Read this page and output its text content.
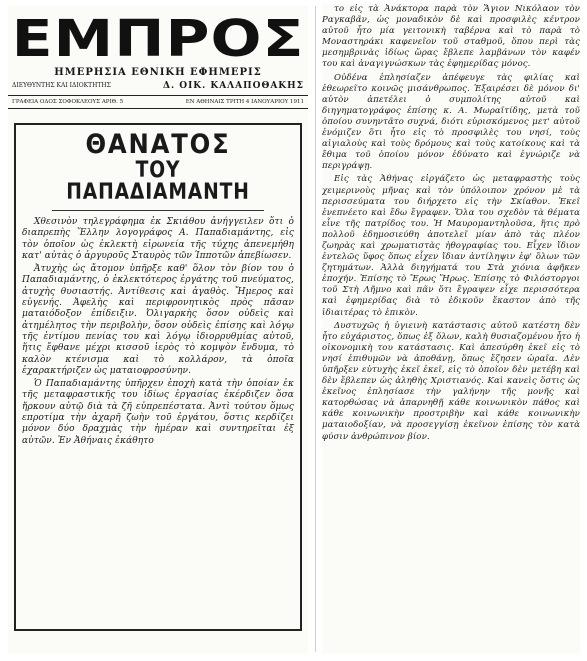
ΕΜΠΡΟΣ
ΗΜΕΡΗΣΙΑ ΕΘΝΙΚΗ ΕΦΗΜΕΡΙΣ
ΔΙΕΥΘΥΝΤΗΣ ΚΑΙ ΙΔΙΟΚΤΗΤΗΣ	Δ. ΟΙΚ. ΚΑΛΑΠΟΘΑΚΗΣ
ΓΡΑΦΕΙΑ ΟΔΟΣ ΣΟΦΟΚΛΕΟΥΣ ΑΡΙΘ. 5	ΕΝ ΑΘΗΝΑΙΣ ΤΡΙΤΗ 4 ΙΑΝΟΥΑΡΙΟΥ 1911
ΘΑΝΑΤΟΣ
ΤΟΥ ΠΑΠΑΔΙΑΜΑΝΤΗ

Χθεσινὸν τηλεγράφημα ἐκ Σκιάθου ἀνήγγειλεν ὅτι ὁ διαπρεπὴς Ἕλλην λογογράφος Α. Παπαδιαμάντης, εἰς τὸν ὁποῖον ὡς ἐκλεκτὴ εἰρωνεία τῆς τύχης ἀπενεμήθη κατ' αὐτὰς ὁ ἀργυροῦς Σταυρὸς τῶν Ἱπποτῶν ἀπεβίωσεν.

Ἀτυχὴς ὡς ἄτομον ὑπῆρξε καθ' ὅλον τὸν βίον του ὁ Παπαδιαμάντης, ὁ ἐκλεκτότερος ἐργάτης τοῦ πνεύματος, ἀτυχὴς θυσιαστής. Ἀντίθεσις καὶ ἀγαθὸς. Ἤμερος καὶ εὐγενής. Ἀφελὴς καὶ περιφρονητικὸς πρὸς πᾶσαν ματαιόδοξον ἐπίδειξιν. Ὀλιγαρκὴς ὅσον οὐδεὶς καὶ ἀτημέλητος τὴν περιβολὴν, ὅσον οὐδεὶς ἐπίσης καὶ λόγῳ τῆς ἐντίμου πενίας του καὶ λόγῳ ἰδιορρυθμίας αὐτοῦ, ἥτις ἔφθανε μέχρι κισσοῦ ἱερὸς τὸ κομψὸν ἔνδυμα, τὸ καλὸν κτένισμα καὶ τὸ κολλάρον, τὰ ὁποῖα ἐχαρακτήριζεν ὡς ματαιοφροσύνην.

Ὁ Παπαδιαμάντης ὑπῆρχεν ἐποχὴ κατὰ τὴν ὁποίαν ἐκ τῆς μεταφραστικῆς του ἰδίως ἐργασίας ἐκέρδιζεν ὅσα ἤρκουν αὐτῷ διὰ τὰ ζῆ εὐπρεπέστατα. Ἀντὶ τούτου ὅμως επροτίμα τὴν ἀχαρῆ ζωὴν τοῦ ἐργάτου, ὅστις κερδίζει μόνον δύο δραχμὰς τὴν ἡμέραν καὶ συντηρεῖται ἐξ αὐτῶν. Ἐν Ἀθήναις ἐκάθητο

το εἰς τὰ Ἀνάκτορα παρὰ τὸν Ἅγιον Νικόλαον τὸν Ραγκαβᾶν, ὡς μοναδικὸν δὲ καὶ προσφιλὲς κέντρον αὐτοῦ ἦτο μία γειτονικὴ ταβέρνα καὶ τὸ παρὰ τὸ Μοναστηράκι καφενεῖον τοῦ σταθμοῦ, ὅπου περὶ τὰς μεσημβρινὰς ἰδίως ὥρας ἔβλεπε λαμβάνων τὸν καφέν του καὶ ἀναγιγνώσκων τὰς ἐφημερίδας μόνος.

Οὐδένα ἐπλησίαζεν ἀπέφευγε τὰς φιλίας καὶ ἐθεωρεῖτο κοινῶς μισάνθρωπος. Ἐξαιρέσει δὲ μόνον δι' αὐτὸν ἀπετέλει ὁ συμπολίτης αὐτοῦ καὶ διηγηματογράφος ἐπίσης κ. Α. Μωραϊτίδης, μετὰ τοῦ ὁποίου συνηντᾶτο συχνά, διότι εὑρισκόμενος μετ' αὐτοῦ ἐνόμιζεν ὅτι ἦτο εἰς τὸ προσφιλὲς του νησί, τοὺς αἰγιαλοὺς καὶ τοὺς δρόμους καὶ τοὺς κατοίκους καὶ τὰ ἔθιμα τοῦ ὁποίου μόνον ἐδύνατο καὶ ἐγνώριζε νὰ περιγράψῃ.

Εἰς τὰς Ἀθήνας εἰργάζετο ὡς μεταφραστὴς τοὺς χειμερινοὺς μῆνας καὶ τὸν ὑπόλοιπον χρόνον μὲ τὰ περισσεύματα του διήρχετο εἰς τὴν Σκίαθον. Ἐκεῖ ἐνεπνέετο καὶ ἔδω ἔγραφεν. Ὅλα του σχεδὸν τὰ θέματα εἶνε τῆς πατρίδος του. Ἡ Μαυρομαντηλοῦσα, ἥτις πρὸ πολλοῦ ἐδημοσιεύθη ἀποτελεῖ μίαν ἀπὸ τὰς πλέον ζωηρὰς καὶ χρωματιστὰς ἠθογραφίας του. Εἶχεν ἴδιον ἐντελῶς ὕφος ὅπως εἶχεν ἴδιαν ἀντίληψιν ἐφ' ὅλων τῶν ζητημάτων. Ἀλλὰ διηγήματά του Στὰ χιόνια ἀφῆκεν ἐποχήν. Ἐπίσης τὸ Ἔρως Ἥρως. Ἐπίσης τὸ Φιλόστοργοι τοῦ Στὴ Λῆμνο καὶ πᾶν ὅτι ἔγραψεν εἶχε περισσότερα καὶ ἐφημερίδας διὰ τὸ ἐδικοῦν ἕκαστον ἀπὸ τῆς ἰδιαιτέρας τὸ ἐπικὸν.

Δυστυχῶς ἡ ὑγιεινὴ κατάστασις αὐτοῦ κατέστη δὲν ἦτο εὐχάριστος, ὅπως ἐξ ὅλων, καλὴ θυσιαζομένου ἦτο ἡ οἰκονομικὴ του κατάστασις. Καὶ ἀπεσύρθη ἐκεῖ εἰς τὸ νησί ἐπιθυμῶν νὰ ἀποθάνῃ, ὅπως ἔζησεν ὡραῖα. Δὲν ὑπῆρξεν εὐτυχὴς ἐκεῖ ἐκεῖ, εἰς τὸ ὁποῖον δὲν μετέβη καὶ δὲν ἔβλεπεν ὡς ἀληθὴς Χριστιανός. Καὶ κανεὶς ὅστις ὡς ἐκεῖνος ἐπλησίασε τὴν γαλήνην τῆς μονῆς καὶ κατορθώσας νὰ ἀπαρνηθῇ κάθε κοινωνικὸν πάθος καὶ κάθε κοινωνικὴν προστριβὴν καὶ κάθε κοινωνικὴν ματαιοδοξίαν, νὰ προσεγγίσῃ ἐκεῖνον ἐπίσης τὸν κατὰ φύσιν ἀνθρώπινον βίον.
